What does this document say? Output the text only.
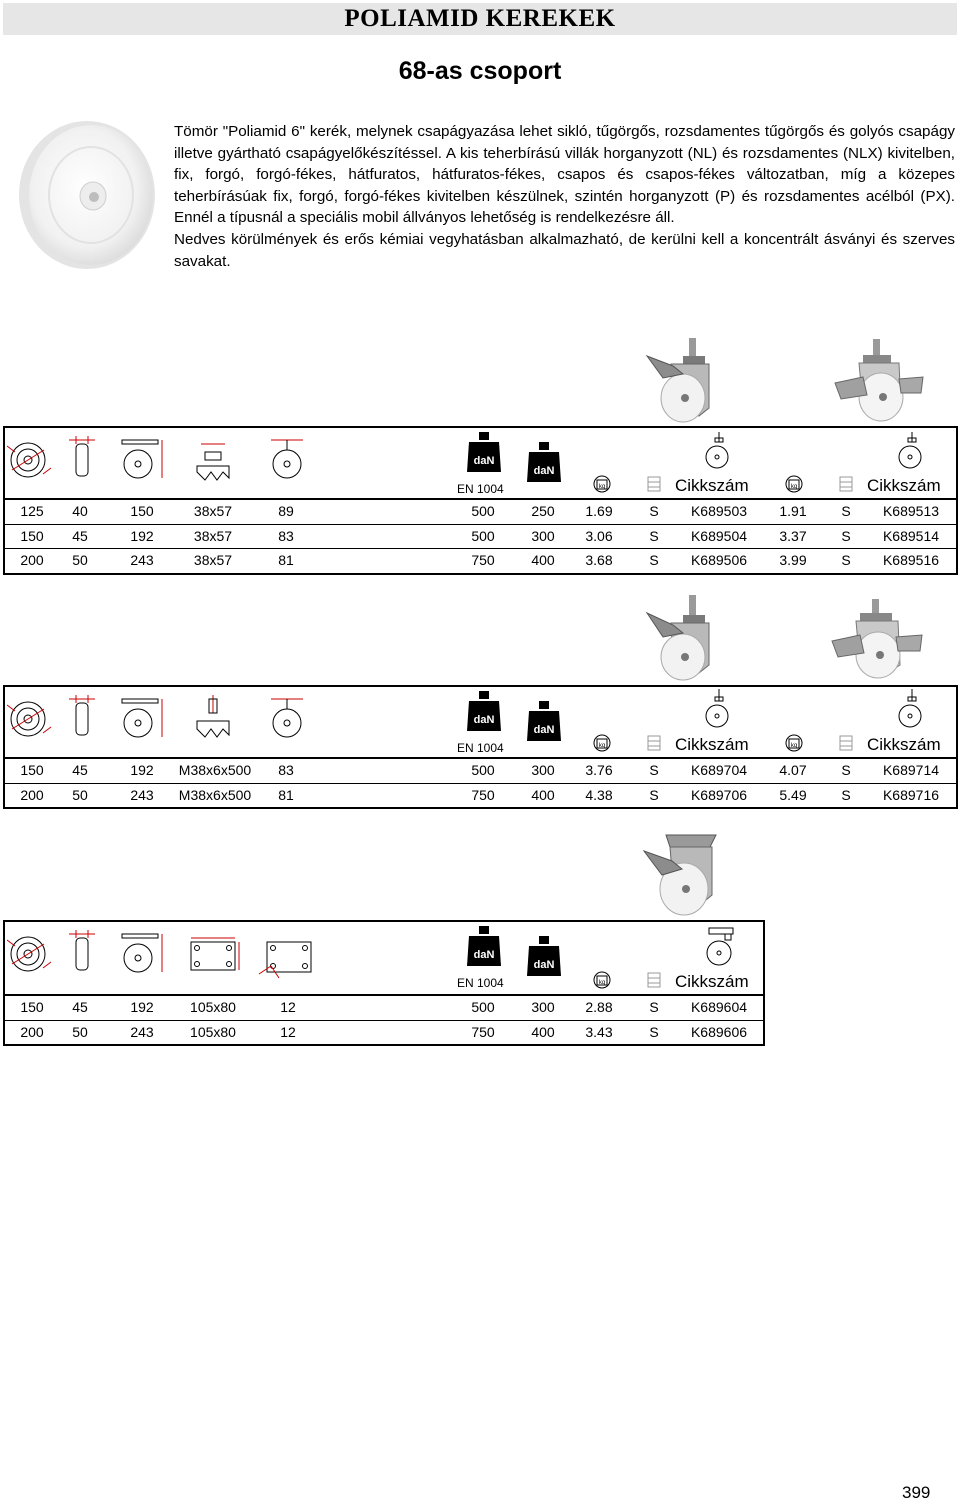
POLIAMID KEREKEK
68-as csoport

Tömör "Poliamid 6" kerék, melynek csapágyazása lehet sikló, tűgörgős, rozsdamentes tűgörgős és golyós csapágy illetve gyártható csapágyelőkészítéssel. A kis teherbírású villák horganyzott (NL) és rozsdamentes (NLX) kivitelben, fix, forgó, forgó-fékes, hátfuratos, hátfuratos-fékes, csapos és csapos-fékes változatban, míg a közepes teherbírásúak fix, forgó, forgó-fékes kivitelben készülnek, szintén horganyzott (P) és rozsdamentes acélból (PX). Ennél a típusnál a speciális mobil állványos lehetőség is rendelkezésre áll.

Nedves körülmények és erős kémiai vegyhatásban alkalmazható, de kerülni kell a koncentrált ásványi és szerves savakat.

daN
EN 1004
daN
kg	Cikkszám	kg	Cikkszám
125	40	150	38x57	89	500	250	1.69	S	K689503	1.91	S	K689513
150	45	192	38x57	83	500	300	3.06	S	K689504	3.37	S	K689514
200	50	243	38x57	81	750	400	3.68	S	K689506	3.99	S	K689516
daN
EN 1004
daN
kg	Cikkszám	kg	Cikkszám
150	45	192	M38x6x500	83	500	300	3.76	S	K689704	4.07	S	K689714
200	50	243	M38x6x500	81	750	400	4.38	S	K689706	5.49	S	K689716
daN
EN 1004
daN
kg	Cikkszám
150	45	192	105x80	12	500	300	2.88	S	K689604
200	50	243	105x80	12	750	400	3.43	S	K689606
399
